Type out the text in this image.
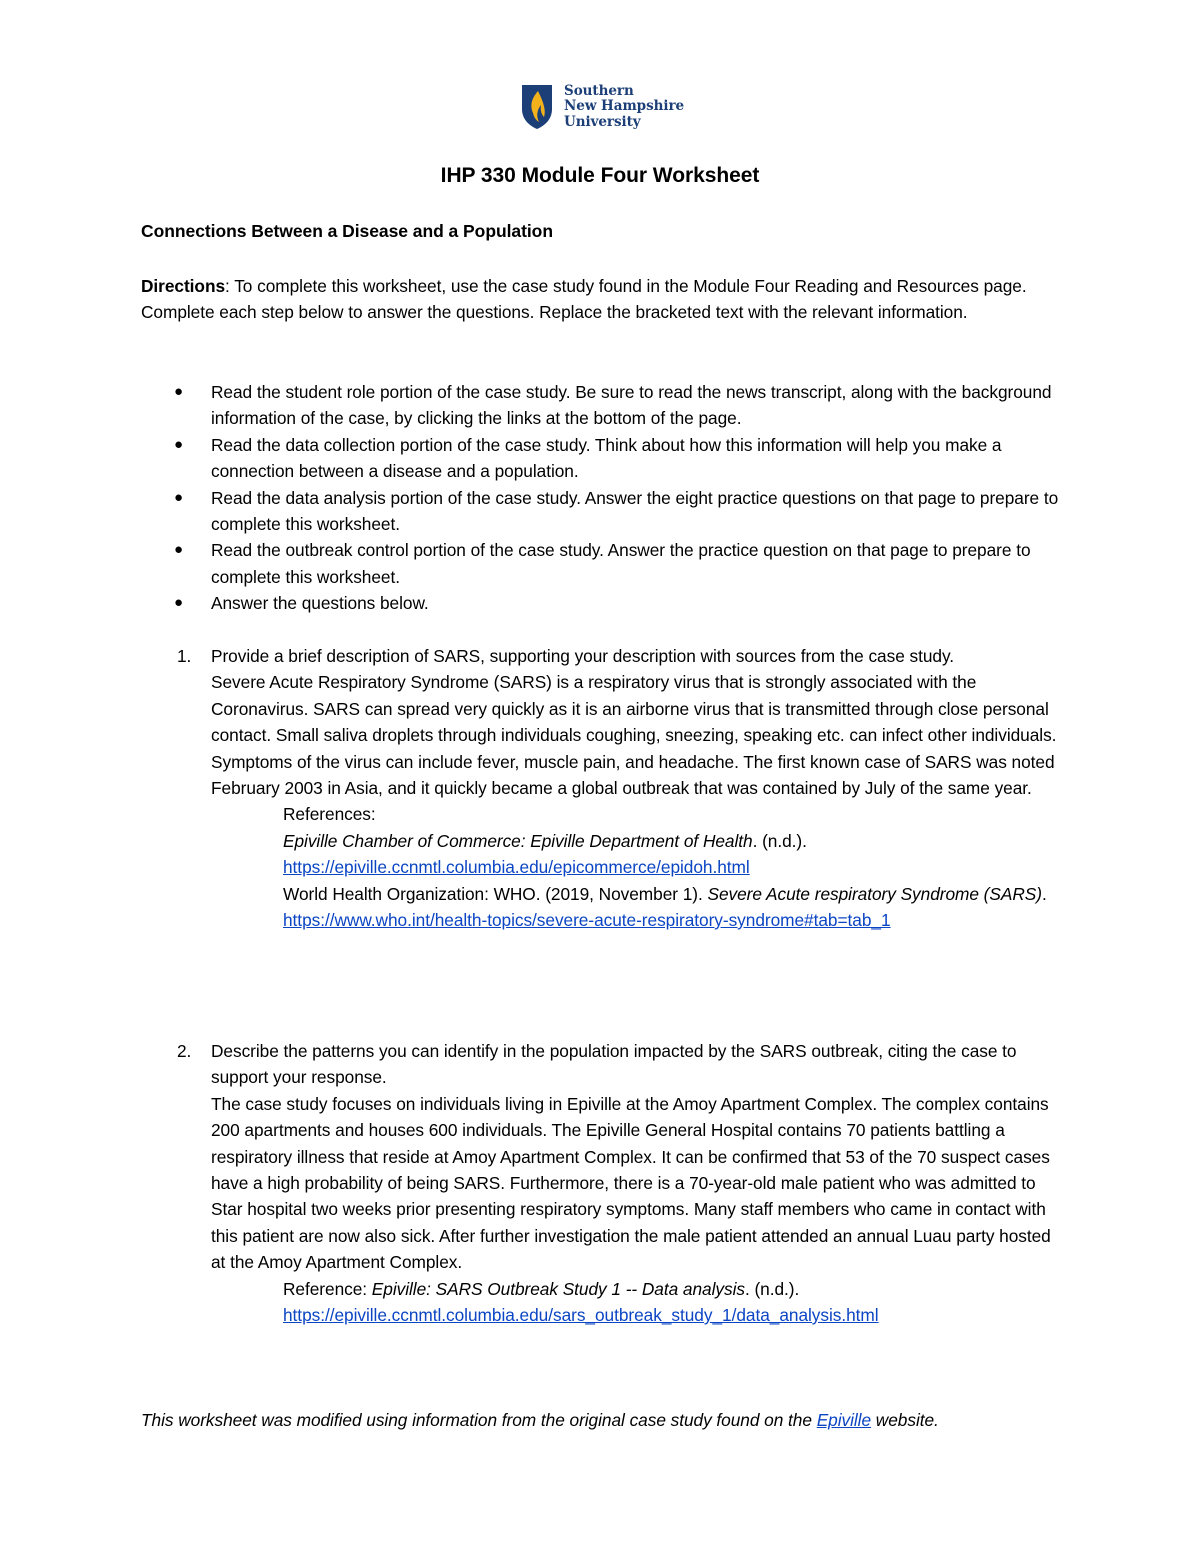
Southern
New Hampshire
University
IHP 330 Module Four Worksheet
Connections Between a Disease and a Population
Directions: To complete this worksheet, use the case study found in the Module Four Reading and Resources page. Complete each step below to answer the questions. Replace the bracketed text with the relevant information.
● Read the student role portion of the case study. Be sure to read the news transcript, along with the background information of the case, by clicking the links at the bottom of the page.
● Read the data collection portion of the case study. Think about how this information will help you make a connection between a disease and a population.
● Read the data analysis portion of the case study. Answer the eight practice questions on that page to prepare to complete this worksheet.
● Read the outbreak control portion of the case study. Answer the practice question on that page to prepare to complete this worksheet.
● Answer the questions below.
1. Provide a brief description of SARS, supporting your description with sources from the case study.
Severe Acute Respiratory Syndrome (SARS) is a respiratory virus that is strongly associated with the Coronavirus. SARS can spread very quickly as it is an airborne virus that is transmitted through close personal contact. Small saliva droplets through individuals coughing, sneezing, speaking etc. can infect other individuals. Symptoms of the virus can include fever, muscle pain, and headache. The first known case of SARS was noted February 2003 in Asia, and it quickly became a global outbreak that was contained by July of the same year.
References:
Epiville Chamber of Commerce: Epiville Department of Health. (n.d.).
https://epiville.ccnmtl.columbia.edu/epicommerce/epidoh.html
World Health Organization: WHO. (2019, November 1). Severe Acute respiratory Syndrome (SARS). https://www.who.int/health-topics/severe-acute-respiratory-syndrome#tab=tab_1
2. Describe the patterns you can identify in the population impacted by the SARS outbreak, citing the case to support your response.
The case study focuses on individuals living in Epiville at the Amoy Apartment Complex. The complex contains 200 apartments and houses 600 individuals. The Epiville General Hospital contains 70 patients battling a respiratory illness that reside at Amoy Apartment Complex. It can be confirmed that 53 of the 70 suspect cases have a high probability of being SARS. Furthermore, there is a 70-year-old male patient who was admitted to Star hospital two weeks prior presenting respiratory symptoms. Many staff members who came in contact with this patient are now also sick. After further investigation the male patient attended an annual Luau party hosted at the Amoy Apartment Complex.
Reference: Epiville: SARS Outbreak Study 1 -- Data analysis. (n.d.).
https://epiville.ccnmtl.columbia.edu/sars_outbreak_study_1/data_analysis.html
This worksheet was modified using information from the original case study found on the Epiville website.
